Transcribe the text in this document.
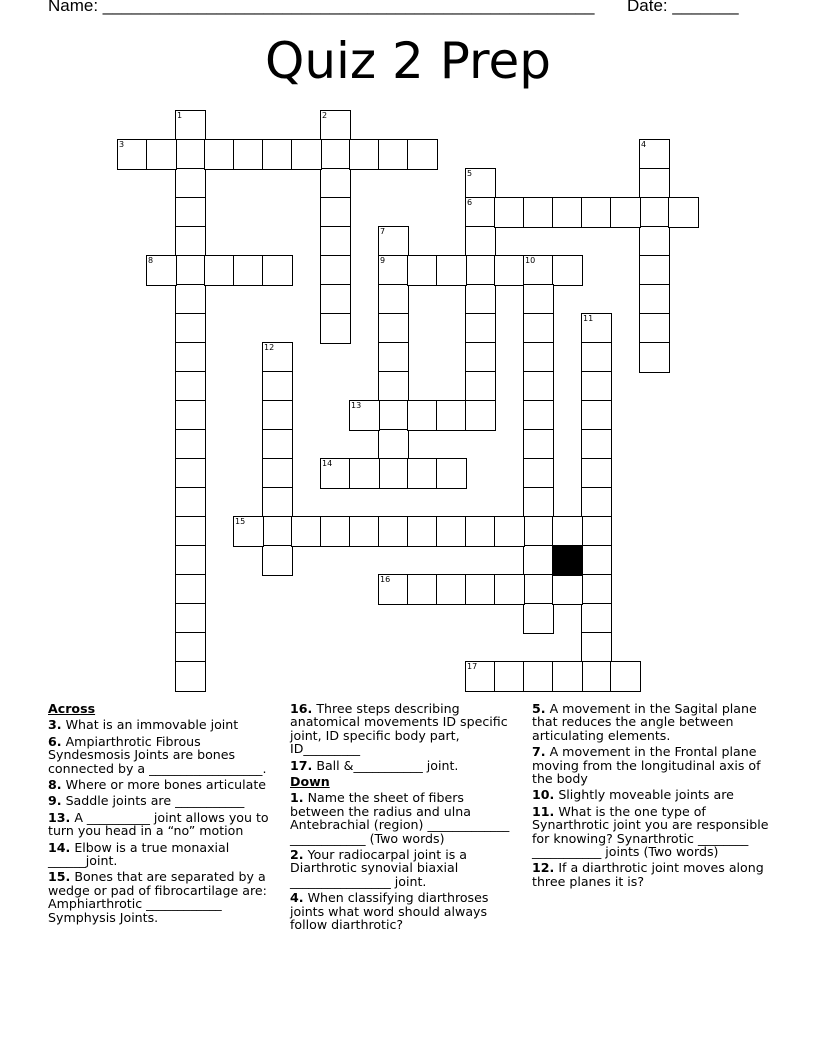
Name: ____________________________________________________ Date: _______
Quiz 2 Prep
1	2
3	4
5
6
7
9
8	10
11
12
13
14
15
16
17

Across

3. What is an immovable joint

6. Ampiarthrotic Fibrous Syndesmosis Joints are bones connected by a __________________.

8. Where or more bones articulate

9. Saddle joints are ___________

13. A __________ joint allows you to turn you head in a “no” motion

14. Elbow is a true monaxial ______joint.

15. Bones that are separated by a wedge or pad of fibrocartilage are: Amphiarthrotic ____________ Symphysis Joints.

16. Three steps describing anatomical movements ID specific joint, ID specific body part, ID_________

17. Ball &___________ joint.

Down

1. Name the sheet of fibers between the radius and ulna Antebrachial (region) _____________ ____________ (Two words)

2. Your radiocarpal joint is a Diarthrotic synovial biaxial ________________ joint.

4. When classifying diarthroses joints what word should always follow diarthrotic?

5. A movement in the Sagital plane that reduces the angle between articulating elements.

7. A movement in the Frontal plane moving from the longitudinal axis of the body

10. Slightly moveable joints are

11. What is the one type of Synarthrotic joint you are responsible for knowing? Synarthrotic ________ ___________ joints (Two words)

12. If a diarthrotic joint moves along three planes it is?
